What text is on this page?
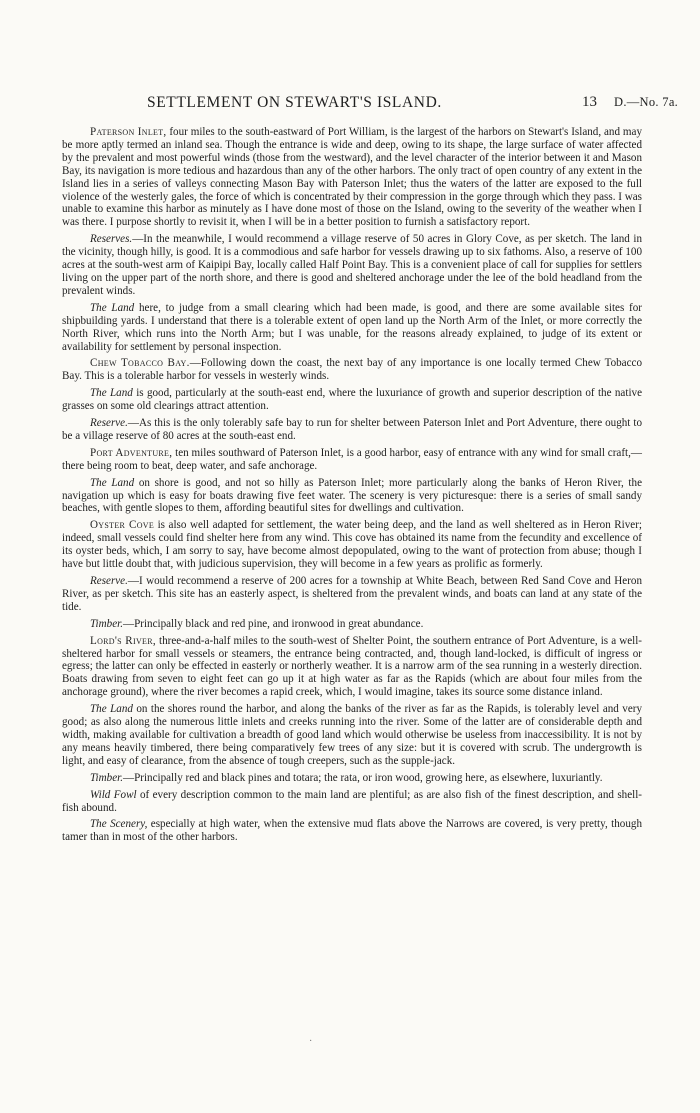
SETTLEMENT ON STEWART'S ISLAND.	13 D.—No. 7a.

Paterson Inlet, four miles to the south-eastward of Port William, is the largest of the harbors on Stewart's Island, and may be more aptly termed an inland sea. Though the entrance is wide and deep, owing to its shape, the large surface of water affected by the prevalent and most powerful winds (those from the westward), and the level character of the interior between it and Mason Bay, its navigation is more tedious and hazardous than any of the other harbors. The only tract of open country of any extent in the Island lies in a series of valleys connecting Mason Bay with Paterson Inlet; thus the waters of the latter are exposed to the full violence of the westerly gales, the force of which is concentrated by their compression in the gorge through which they pass. I was unable to examine this harbor as minutely as I have done most of those on the Island, owing to the severity of the weather when I was there. I purpose shortly to revisit it, when I will be in a better position to furnish a satisfactory report.

Reserves.—In the meanwhile, I would recommend a village reserve of 50 acres in Glory Cove, as per sketch. The land in the vicinity, though hilly, is good. It is a commodious and safe harbor for vessels drawing up to six fathoms. Also, a reserve of 100 acres at the south-west arm of Kaipipi Bay, locally called Half Point Bay. This is a convenient place of call for supplies for settlers living on the upper part of the north shore, and there is good and sheltered anchorage under the lee of the bold headland from the prevalent winds.

The Land here, to judge from a small clearing which had been made, is good, and there are some available sites for shipbuilding yards. I understand that there is a tolerable extent of open land up the North Arm of the Inlet, or more correctly the North River, which runs into the North Arm; but I was unable, for the reasons already explained, to judge of its extent or availability for settlement by personal inspection.

Chew Tobacco Bay.—Following down the coast, the next bay of any importance is one locally termed Chew Tobacco Bay. This is a tolerable harbor for vessels in westerly winds.

The Land is good, particularly at the south-east end, where the luxuriance of growth and superior description of the native grasses on some old clearings attract attention.

Reserve.—As this is the only tolerably safe bay to run for shelter between Paterson Inlet and Port Adventure, there ought to be a village reserve of 80 acres at the south-east end.

Port Adventure, ten miles southward of Paterson Inlet, is a good harbor, easy of entrance with any wind for small craft,—there being room to beat, deep water, and safe anchorage.

The Land on shore is good, and not so hilly as Paterson Inlet; more particularly along the banks of Heron River, the navigation up which is easy for boats drawing five feet water. The scenery is very picturesque: there is a series of small sandy beaches, with gentle slopes to them, affording beautiful sites for dwellings and cultivation.

Oyster Cove is also well adapted for settlement, the water being deep, and the land as well sheltered as in Heron River; indeed, small vessels could find shelter here from any wind. This cove has obtained its name from the fecundity and excellence of its oyster beds, which, I am sorry to say, have become almost depopulated, owing to the want of protection from abuse; though I have but little doubt that, with judicious supervision, they will become in a few years as prolific as formerly.

Reserve.—I would recommend a reserve of 200 acres for a township at White Beach, between Red Sand Cove and Heron River, as per sketch. This site has an easterly aspect, is sheltered from the prevalent winds, and boats can land at any state of the tide.

Timber.—Principally black and red pine, and ironwood in great abundance.

Lord's River, three-and-a-half miles to the south-west of Shelter Point, the southern entrance of Port Adventure, is a well-sheltered harbor for small vessels or steamers, the entrance being contracted, and, though land-locked, is difficult of ingress or egress; the latter can only be effected in easterly or northerly weather. It is a narrow arm of the sea running in a westerly direction. Boats drawing from seven to eight feet can go up it at high water as far as the Rapids (which are about four miles from the anchorage ground), where the river becomes a rapid creek, which, I would imagine, takes its source some distance inland.

The Land on the shores round the harbor, and along the banks of the river as far as the Rapids, is tolerably level and very good; as also along the numerous little inlets and creeks running into the river. Some of the latter are of considerable depth and width, making available for cultivation a breadth of good land which would otherwise be useless from inaccessibility. It is not by any means heavily timbered, there being comparatively few trees of any size: but it is covered with scrub. The undergrowth is light, and easy of clearance, from the absence of tough creepers, such as the supple-jack.

Timber.—Principally red and black pines and totara; the rata, or iron wood, growing here, as elsewhere, luxuriantly.

Wild Fowl of every description common to the main land are plentiful; as are also fish of the finest description, and shell-fish abound.

The Scenery, especially at high water, when the extensive mud flats above the Narrows are covered, is very pretty, though tamer than in most of the other harbors.

·
